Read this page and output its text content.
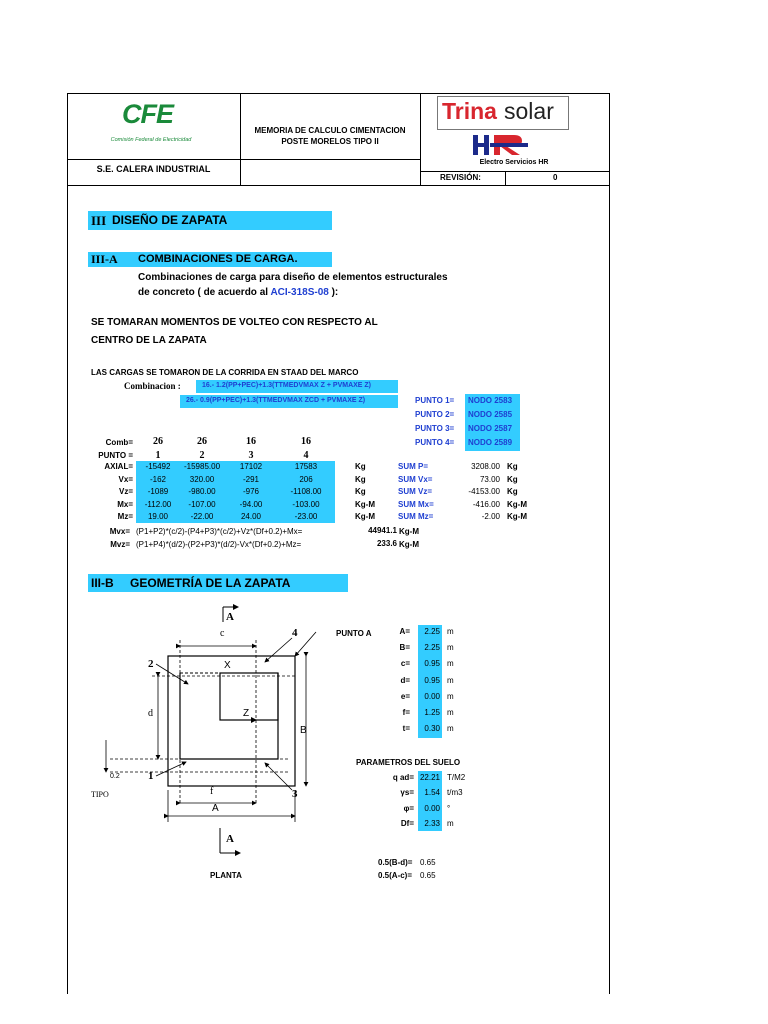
CFE
Comisión Federal de Electricidad
MEMORIA DE CALCULO CIMENTACION
POSTE MORELOS TIPO II
S.E. CALERA INDUSTRIAL
Trina solar
Electro Servicios HR
REVISIÓN:	0
III DISEÑO DE ZAPATA
III-A COMBINACIONES DE CARGA.
Combinaciones de carga para diseño de elementos estructurales
de concreto ( de acuerdo al ACI-318S-08 ):
SE TOMARAN MOMENTOS DE VOLTEO CON RESPECTO AL
CENTRO DE LA ZAPATA
LAS CARGAS SE TOMARON DE LA CORRIDA EN STAAD DEL MARCO
Combinacion :	16.- 1.2(PP+PEC)+1.3(TTMEDVMAX Z + PVMAXE Z)
26.- 0.9(PP+PEC)+1.3(TTMEDVMAX ZCD + PVMAXE Z)	PUNTO 1=	NODO 2583
PUNTO 2=	NODO 2585
PUNTO 3=	NODO 2587
PUNTO 4=	NODO 2589
Comb=	26	26	16	16
PUNTO =	1	2	3	4
AXIAL=	-15492	-15985.00	17102	17583	Kg	SUM P=	3208.00 Kg
Vx=	-162	320.00	-291	206	Kg	SUM Vx=	73.00 Kg
Vz=	-1089	-980.00	-976	-1108.00	Kg	SUM Vz=	-4153.00 Kg
Mx=	-112.00	-107.00	-94.00	-103.00	Kg-M	SUM Mx=	-416.00 Kg-M
Mz=	19.00	-22.00	24.00	-23.00	Kg-M	SUM Mz=	-2.00 Kg-M
Mvx= (P1+P2)*(c/2)-(P4+P3)*(c/2)+Vz*(Df+0.2)+Mx=	44941.1 Kg-M
Mvz= (P1+P4)*(d/2)-(P2+P3)*(d/2)-Vx*(Df+0.2)+Mz=	233.6 Kg-M
III-B GEOMETRÍA DE LA ZAPATA
A
A
c
X
Z
d
B
f
A
2
1
4
3
0.2
TIPO
PUNTO A	A=	2.25 m
B=	2.25 m
c=	0.95 m
d=	0.95 m
e=	0.00 m
f=	1.25 m
t=	0.30 m
PARAMETROS DEL SUELO
q ad= 22.21 T/M2
γs=	1.54 t/m3
φ=	0.00 °
Df=	2.33 m
0.5(B-d)= 0.65
0.5(A-c)= 0.65
PLANTA
